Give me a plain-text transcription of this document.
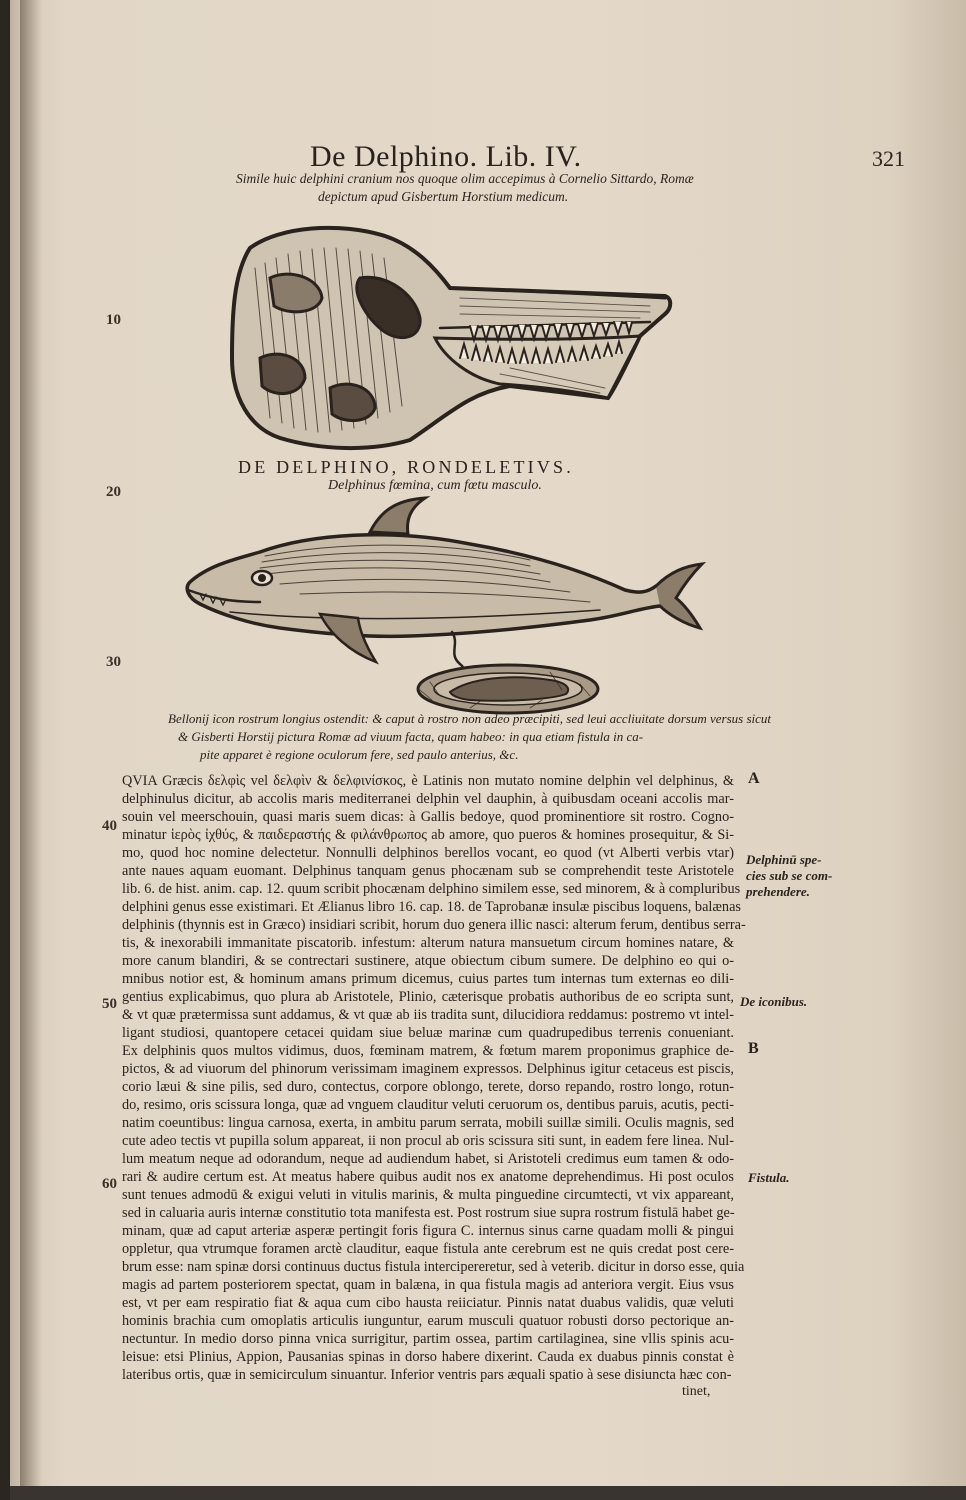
De Delphino. Lib. IV.	321
Simile huic delphini cranium nos quoque olim accepimus à Cornelio Sittardo, Romæ
depictum apud Gisbertum Horstium medicum.
DE DELPHINO, RONDELETIVS.
Delphinus fœmina, cum fœtu masculo.
Bellonij icon rostrum longius ostendit: & caput à rostro non adeo præcipiti, sed leui accliuitate dorsum versus sicut
& Gisberti Horstij pictura Romæ ad viuum facta, quam habeo: in qua etiam fistula in ca-
pite apparet è regione oculorum fere, sed paulo anterius, &c.
QVIA Græcis δελφὶς vel δελφὶν & δελφινίσκος, è Latinis non mutato nomine delphin vel delphinus, &
delphinulus dicitur, ab accolis maris mediterranei delphin vel dauphin, à quibusdam oceani accolis mar-
souin vel meerschouin, quasi maris suem dicas: à Gallis bedoye, quod prominentiore sit rostro. Cogno-
minatur ἱερὸς ἰχθύς, & παιδεραστής & φιλάνθρωπος ab amore, quo pueros & homines prosequitur, & Si-
mo, quod hoc nomine delectetur. Nonnulli delphinos berellos vocant, eo quod (vt Alberti verbis vtar)
ante naues aquam euomant. Delphinus tanquam genus phocænam sub se comprehendit teste Aristotele
lib. 6. de hist. anim. cap. 12. quum scribit phocænam delphino similem esse, sed minorem, & à compluribus
delphini genus esse existimari. Et Ælianus libro 16. cap. 18. de Taprobanæ insulæ piscibus loquens, balænas
delphinis (thynnis est in Græco) insidiari scribit, horum duo genera illic nasci: alterum ferum, dentibus serra-
tis, & inexorabili immanitate piscatorib. infestum: alterum natura mansuetum circum homines natare, &
more canum blandiri, & se contrectari sustinere, atque obiectum cibum sumere. De delphino eo qui o-
mnibus notior est, & hominum amans primum dicemus, cuius partes tum internas tum externas eo dili-
gentius explicabimus, quo plura ab Aristotele, Plinio, cæterisque probatis authoribus de eo scripta sunt,
& vt quæ prætermissa sunt addamus, & vt quæ ab iis tradita sunt, dilucidiora reddamus: postremo vt intel-
ligant studiosi, quantopere cetacei quidam siue beluæ marinæ cum quadrupedibus terrenis conueniant.
Ex delphinis quos multos vidimus, duos, fœminam matrem, & fœtum marem proponimus graphice de-
pictos, & ad viuorum del phinorum verissimam imaginem expressos. Delphinus igitur cetaceus est piscis,
corio læui & sine pilis, sed duro, contectus, corpore oblongo, terete, dorso repando, rostro longo, rotun-
do, resimo, oris scissura longa, quæ ad vnguem clauditur veluti ceruorum os, dentibus paruis, acutis, pecti-
natim coeuntibus: lingua carnosa, exerta, in ambitu parum serrata, mobili suillæ simili. Oculis magnis, sed
cute adeo tectis vt pupilla solum appareat, ii non procul ab oris scissura siti sunt, in eadem fere linea. Nul-
lum meatum neque ad odorandum, neque ad audiendum habet, si Aristoteli credimus eum tamen & odo-
rari & audire certum est. At meatus habere quibus audit nos ex anatome deprehendimus. Hi post oculos
sunt tenues admodū & exigui veluti in vitulis marinis, & multa pinguedine circumtecti, vt vix appareant,
sed in caluaria auris internæ constitutio tota manifesta est. Post rostrum siue supra rostrum fistulā habet ge-
minam, quæ ad caput arteriæ asperæ pertingit foris figura C. internus sinus carne quadam molli & pingui
oppletur, qua vtrumque foramen arctè clauditur, eaque fistula ante cerebrum est ne quis credat post cere-
brum esse: nam spinæ dorsi continuus ductus fistula intercipereretur, sed à veterib. dicitur in dorso esse, quia
magis ad partem posteriorem spectat, quam in balæna, in qua fistula magis ad anteriora vergit. Eius vsus
est, vt per eam respiratio fiat & aqua cum cibo hausta reiiciatur. Pinnis natat duabus validis, quæ veluti
hominis brachia cum omoplatis articulis iunguntur, earum musculi quatuor robusti dorso pectorique an-
nectuntur. In medio dorso pinna vnica surrigitur, partim ossea, partim cartilaginea, sine vllis spinis acu-
leisue: etsi Plinius, Appion, Pausanias spinas in dorso habere dixerint. Cauda ex duabus pinnis constat è
lateribus ortis, quæ in semicirculum sinuantur. Inferior ventris pars æquali spatio à sese disiuncta hæc con-
tinet,
10
20
30
40
50
60
A
B
Delphinū spe-
cies sub se com-
prehendere.
De iconibus.
Fistula.
